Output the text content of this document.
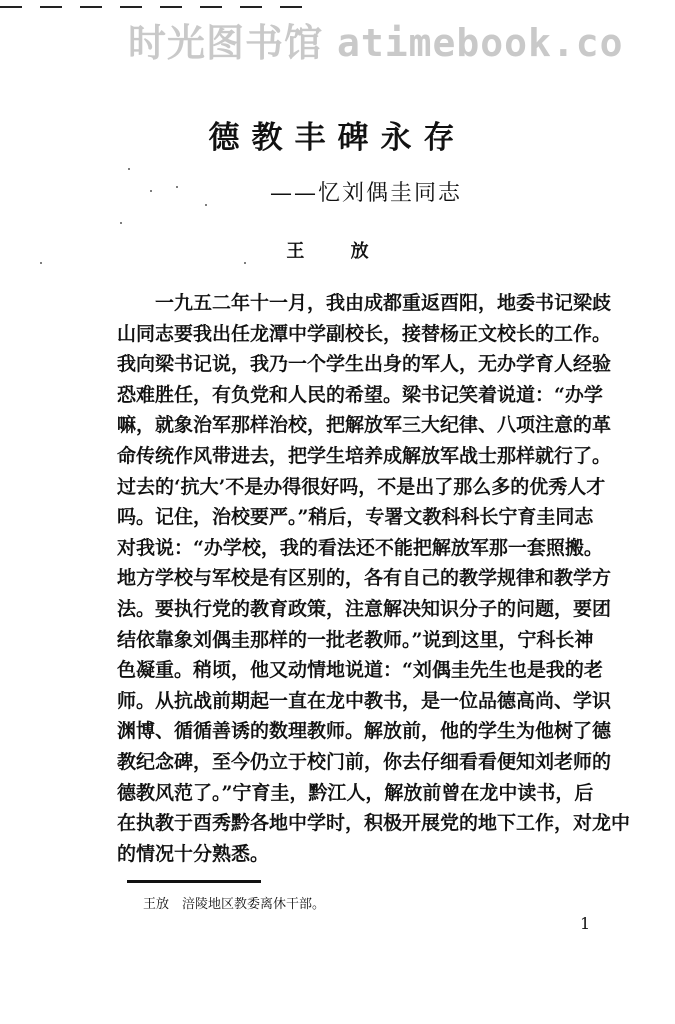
时光图书馆 atimebook.co
德教丰碑永存
——忆刘偶圭同志
王 放
一九五二年十一月，我由成都重返酉阳，地委书记梁歧
山同志要我出任龙潭中学副校长，接替杨正文校长的工作。
我向梁书记说，我乃一个学生出身的军人，无办学育人经验
恐难胜任，有负党和人民的希望。梁书记笑着说道：“办学
嘛，就象治军那样治校，把解放军三大纪律、八项注意的革
命传统作风带进去，把学生培养成解放军战士那样就行了。
过去的‘抗大’不是办得很好吗，不是出了那么多的优秀人才
吗。记住，治校要严。”稍后，专署文教科科长宁育圭同志
对我说：“办学校，我的看法还不能把解放军那一套照搬。
地方学校与军校是有区别的，各有自己的教学规律和教学方
法。要执行党的教育政策，注意解决知识分子的问题，要团
结依靠象刘偶圭那样的一批老教师。”说到这里，宁科长神
色凝重。稍顷，他又动情地说道：“刘偶圭先生也是我的老
师。从抗战前期起一直在龙中教书，是一位品德高尚、学识
渊博、循循善诱的数理教师。解放前，他的学生为他树了德
教纪念碑，至今仍立于校门前，你去仔细看看便知刘老师的
德教风范了。”宁育圭，黔江人，解放前曾在龙中读书，后
在执教于酉秀黔各地中学时，积极开展党的地下工作，对龙中
的情况十分熟悉。
王放　涪陵地区教委离休干部。
1
